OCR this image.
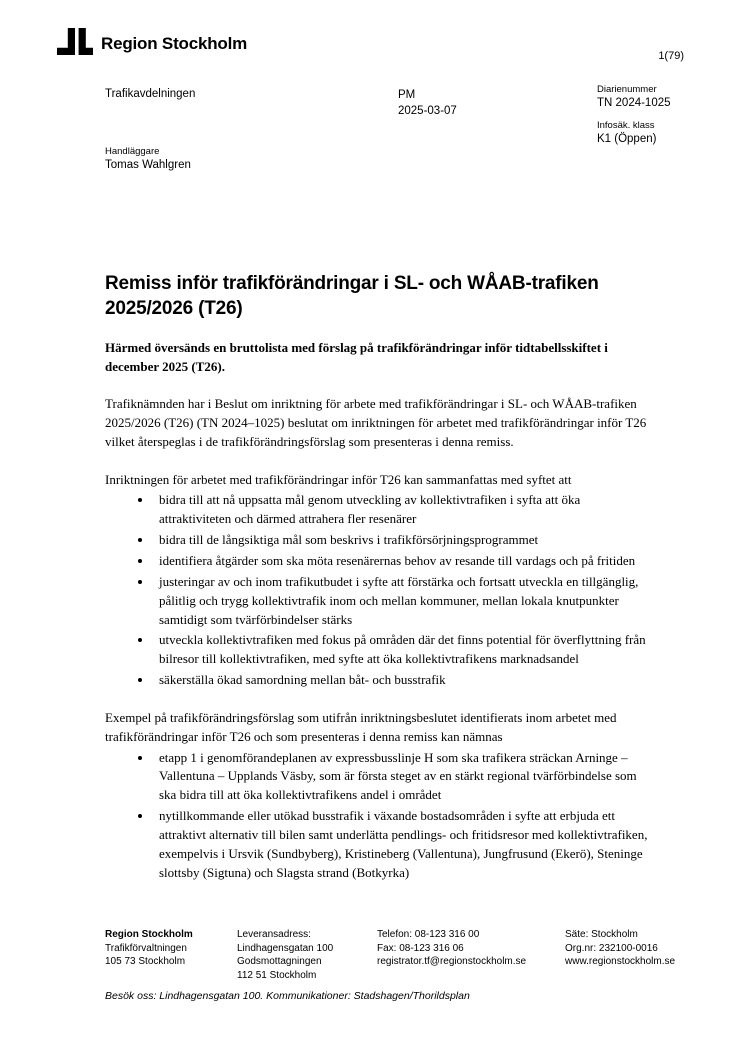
Region Stockholm
1(79)
Trafikavdelningen	PM
2025-03-07
Diarienummer
TN 2024-1025
Infosäk. klass
K1 (Öppen)
Handläggare
Tomas Wahlgren
Remiss inför trafikförändringar i SL- och WÅAB-trafiken 2025/2026 (T26)

Härmed översänds en bruttolista med förslag på trafikförändringar inför tidtabellsskiftet i december 2025 (T26).

Trafiknämnden har i Beslut om inriktning för arbete med trafikförändringar i SL- och WÅAB-trafiken 2025/2026 (T26) (TN 2024–1025) beslutat om inriktningen för arbetet med trafikförändringar inför T26 vilket återspeglas i de trafikförändringsförslag som presenteras i denna remiss.

Inriktningen för arbetet med trafikförändringar inför T26 kan sammanfattas med syftet att

• bidra till att nå uppsatta mål genom utveckling av kollektivtrafiken i syfta att öka attraktiviteten och därmed attrahera fler resenärer
• bidra till de långsiktiga mål som beskrivs i trafikförsörjningsprogrammet
• identifiera åtgärder som ska möta resenärernas behov av resande till vardags och på fritiden
• justeringar av och inom trafikutbudet i syfte att förstärka och fortsatt utveckla en tillgänglig, pålitlig och trygg kollektivtrafik inom och mellan kommuner, mellan lokala knutpunkter samtidigt som tvärförbindelser stärks
• utveckla kollektivtrafiken med fokus på områden där det finns potential för överflyttning från bilresor till kollektivtrafiken, med syfte att öka kollektivtrafikens marknadsandel
• säkerställa ökad samordning mellan båt- och busstrafik

Exempel på trafikförändringsförslag som utifrån inriktningsbeslutet identifierats inom arbetet med trafikförändringar inför T26 och som presenteras i denna remiss kan nämnas

• etapp 1 i genomförandeplanen av expressbusslinje H som ska trafikera sträckan Arninge – Vallentuna – Upplands Väsby, som är första steget av en stärkt regional tvärförbindelse som ska bidra till att öka kollektivtrafikens andel i området
• nytillkommande eller utökad busstrafik i växande bostadsområden i syfte att erbjuda ett attraktivt alternativ till bilen samt underlätta pendlings- och fritidsresor med kollektivtrafiken, exempelvis i Ursvik (Sundbyberg), Kristineberg (Vallentuna), Jungfrusund (Ekerö), Steninge slottsby (Sigtuna) och Slagsta strand (Botkyrka)
Region Stockholm
Trafikförvaltningen
105 73 Stockholm
Leveransadress:
Lindhagensgatan 100
Godsmottagningen
112 51 Stockholm
Telefon: 08-123 316 00
Fax: 08-123 316 06
registrator.tf@regionstockholm.se
Säte: Stockholm
Org.nr: 232100-0016
www.regionstockholm.se
Besök oss: Lindhagensgatan 100. Kommunikationer: Stadshagen/Thorildsplan
